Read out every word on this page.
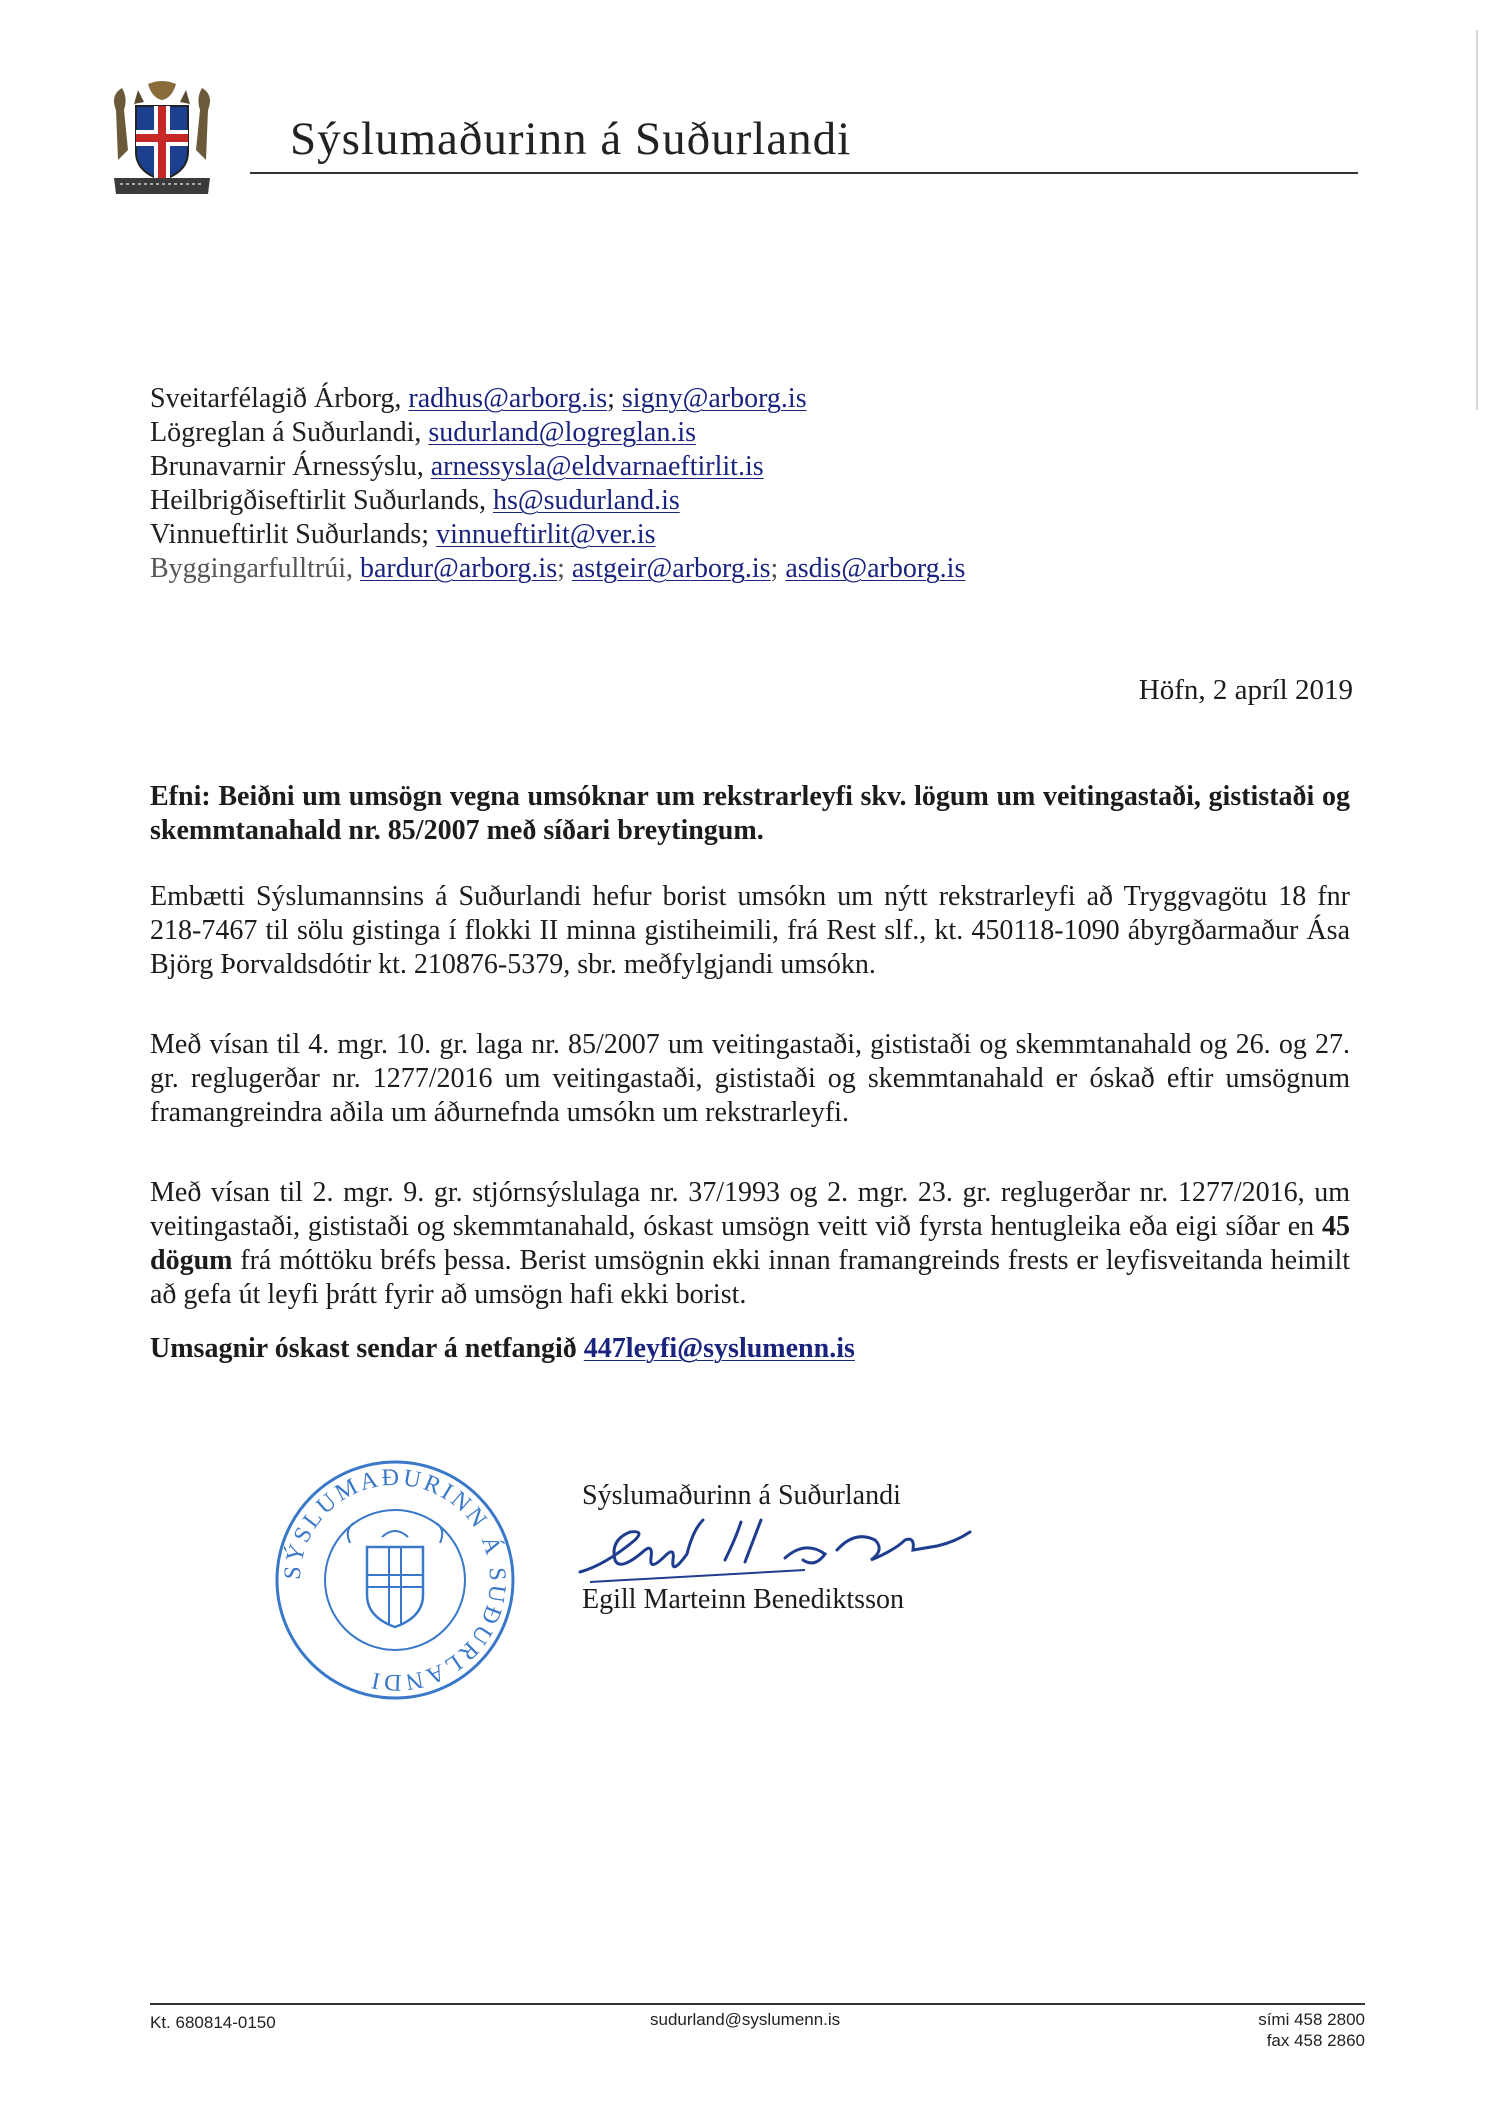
Sýslumaðurinn á Suðurlandi
Sveitarfélagið Árborg, radhus@arborg.is; signy@arborg.is
Lögreglan á Suðurlandi, sudurland@logreglan.is
Brunavarnir Árnessýslu, arnessysla@eldvarnaeftirlit.is
Heilbrigðiseftirlit Suðurlands, hs@sudurland.is
Vinnueftirlit Suðurlands; vinnueftirlit@ver.is
Byggingarfulltrúi, bardur@arborg.is; astgeir@arborg.is; asdis@arborg.is
Höfn, 2 apríl 2019
Efni: Beiðni um umsögn vegna umsóknar um rekstrarleyfi skv. lögum um veitingastaði, gististaði og skemmtanahald nr. 85/2007 með síðari breytingum.
Embætti Sýslumannsins á Suðurlandi hefur borist umsókn um nýtt rekstrarleyfi að Tryggvagötu 18 fnr 218-7467 til sölu gistinga í flokki II minna gistiheimili, frá Rest slf., kt. 450118-1090 ábyrgðarmaður Ása Björg Þorvaldsdótir kt. 210876-5379, sbr. meðfylgjandi umsókn.
Með vísan til 4. mgr. 10. gr. laga nr. 85/2007 um veitingastaði, gististaði og skemmtanahald og 26. og 27. gr. reglugerðar nr. 1277/2016 um veitingastaði, gististaði og skemmtanahald er óskað eftir umsögnum framangreindra aðila um áðurnefnda umsókn um rekstrarleyfi.
Með vísan til 2. mgr. 9. gr. stjórnsýslulaga nr. 37/1993 og 2. mgr. 23. gr. reglugerðar nr. 1277/2016, um veitingastaði, gististaði og skemmtanahald, óskast umsögn veitt við fyrsta hentugleika eða eigi síðar en 45 dögum frá móttöku bréfs þessa. Berist umsögnin ekki innan framangreinds frests er leyfisveitanda heimilt að gefa út leyfi þrátt fyrir að umsögn hafi ekki borist.
Umsagnir óskast sendar á netfangið 447leyfi@syslumenn.is
SÝSLUMAÐURINN Á SUÐURLANDI
Sýslumaðurinn á Suðurlandi
Egill Marteinn Benediktsson
Kt. 680814-0150	sudurland@syslumenn.is	sími 458 2800
fax 458 2860
